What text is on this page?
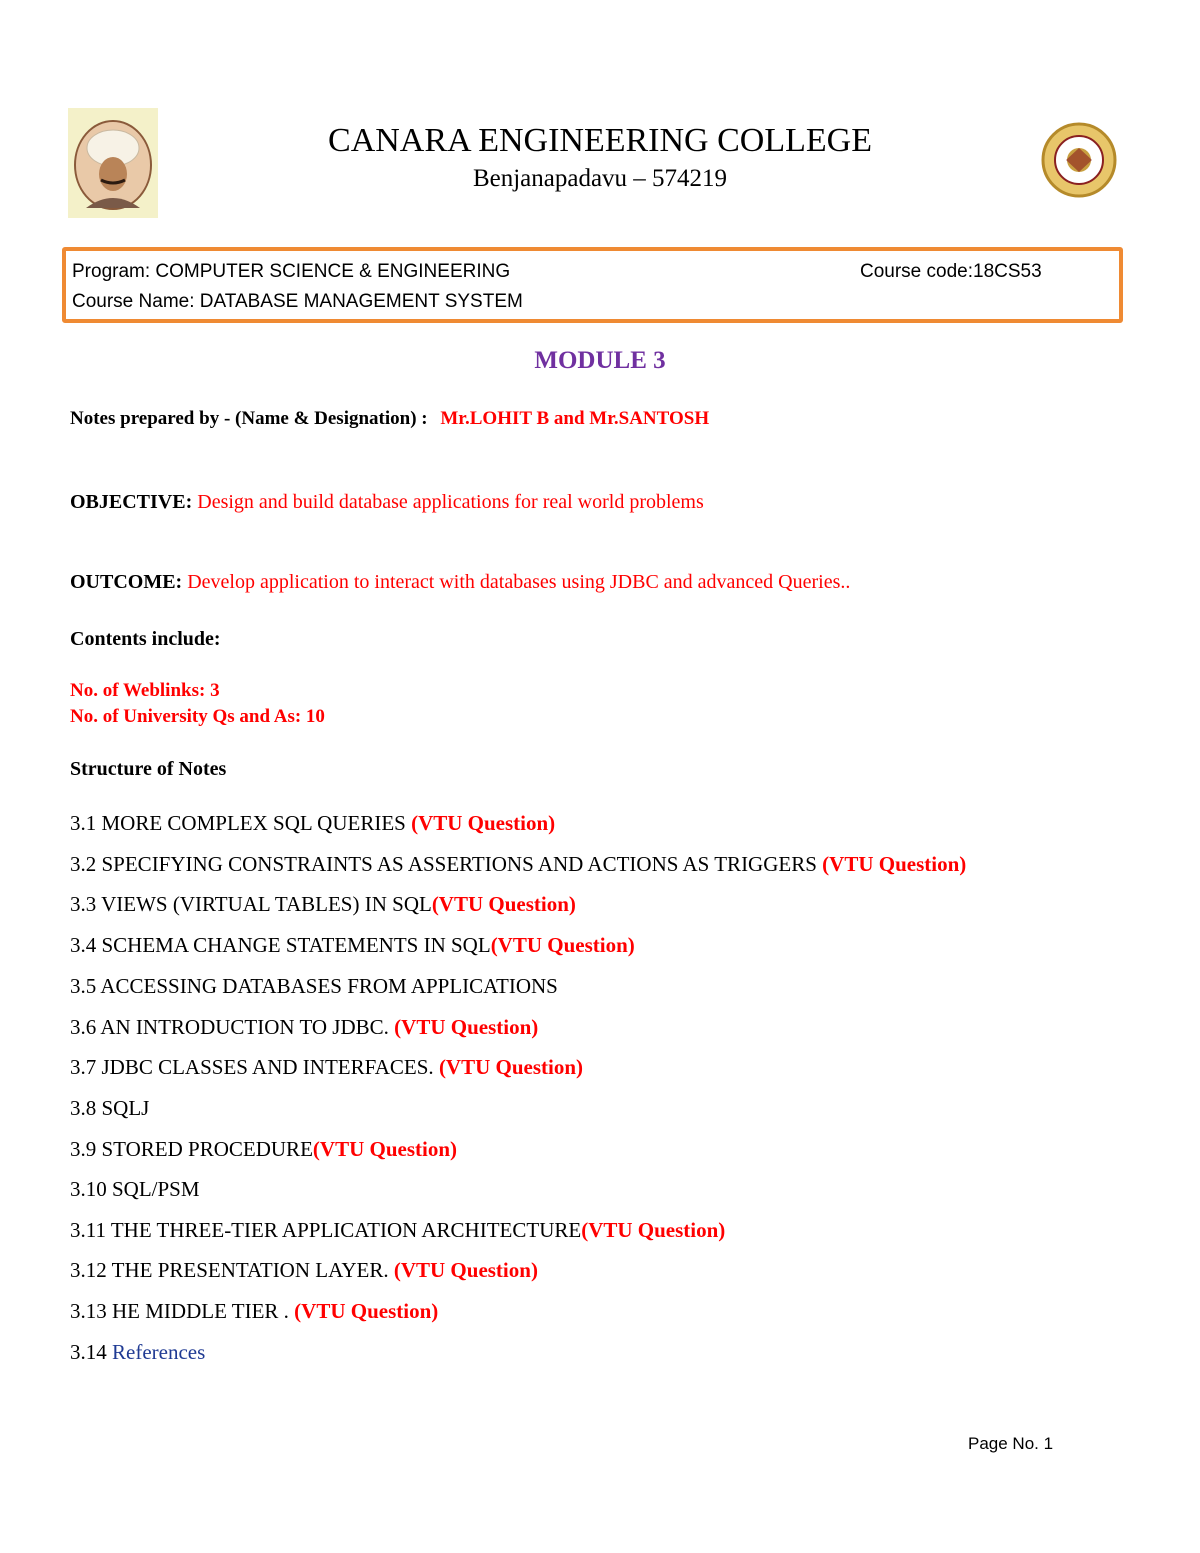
CANARA ENGINEERING COLLEGE
Benjanapadavu – 574219
Program: COMPUTER SCIENCE & ENGINEERING	Course code:18CS53
Course Name: DATABASE MANAGEMENT SYSTEM
MODULE 3
Notes prepared by - (Name & Designation) : Mr.LOHIT B and Mr.SANTOSH
OBJECTIVE: Design and build database applications for real world problems
OUTCOME: Develop application to interact with databases using JDBC and advanced Queries..
Contents include:
No. of Weblinks: 3
No. of University Qs and As: 10
Structure of Notes
3.1 MORE COMPLEX SQL QUERIES (VTU Question)
3.2 SPECIFYING CONSTRAINTS AS ASSERTIONS AND ACTIONS AS TRIGGERS (VTU Question)
3.3 VIEWS (VIRTUAL TABLES) IN SQL(VTU Question)
3.4 SCHEMA CHANGE STATEMENTS IN SQL(VTU Question)
3.5 ACCESSING DATABASES FROM APPLICATIONS
3.6 AN INTRODUCTION TO JDBC. (VTU Question)
3.7 JDBC CLASSES AND INTERFACES. (VTU Question)
3.8 SQLJ
3.9 STORED PROCEDURE(VTU Question)
3.10 SQL/PSM
3.11 THE THREE-TIER APPLICATION ARCHITECTURE(VTU Question)
3.12 THE PRESENTATION LAYER. (VTU Question)
3.13 HE MIDDLE TIER . (VTU Question)
3.14 References
Page No. 1
